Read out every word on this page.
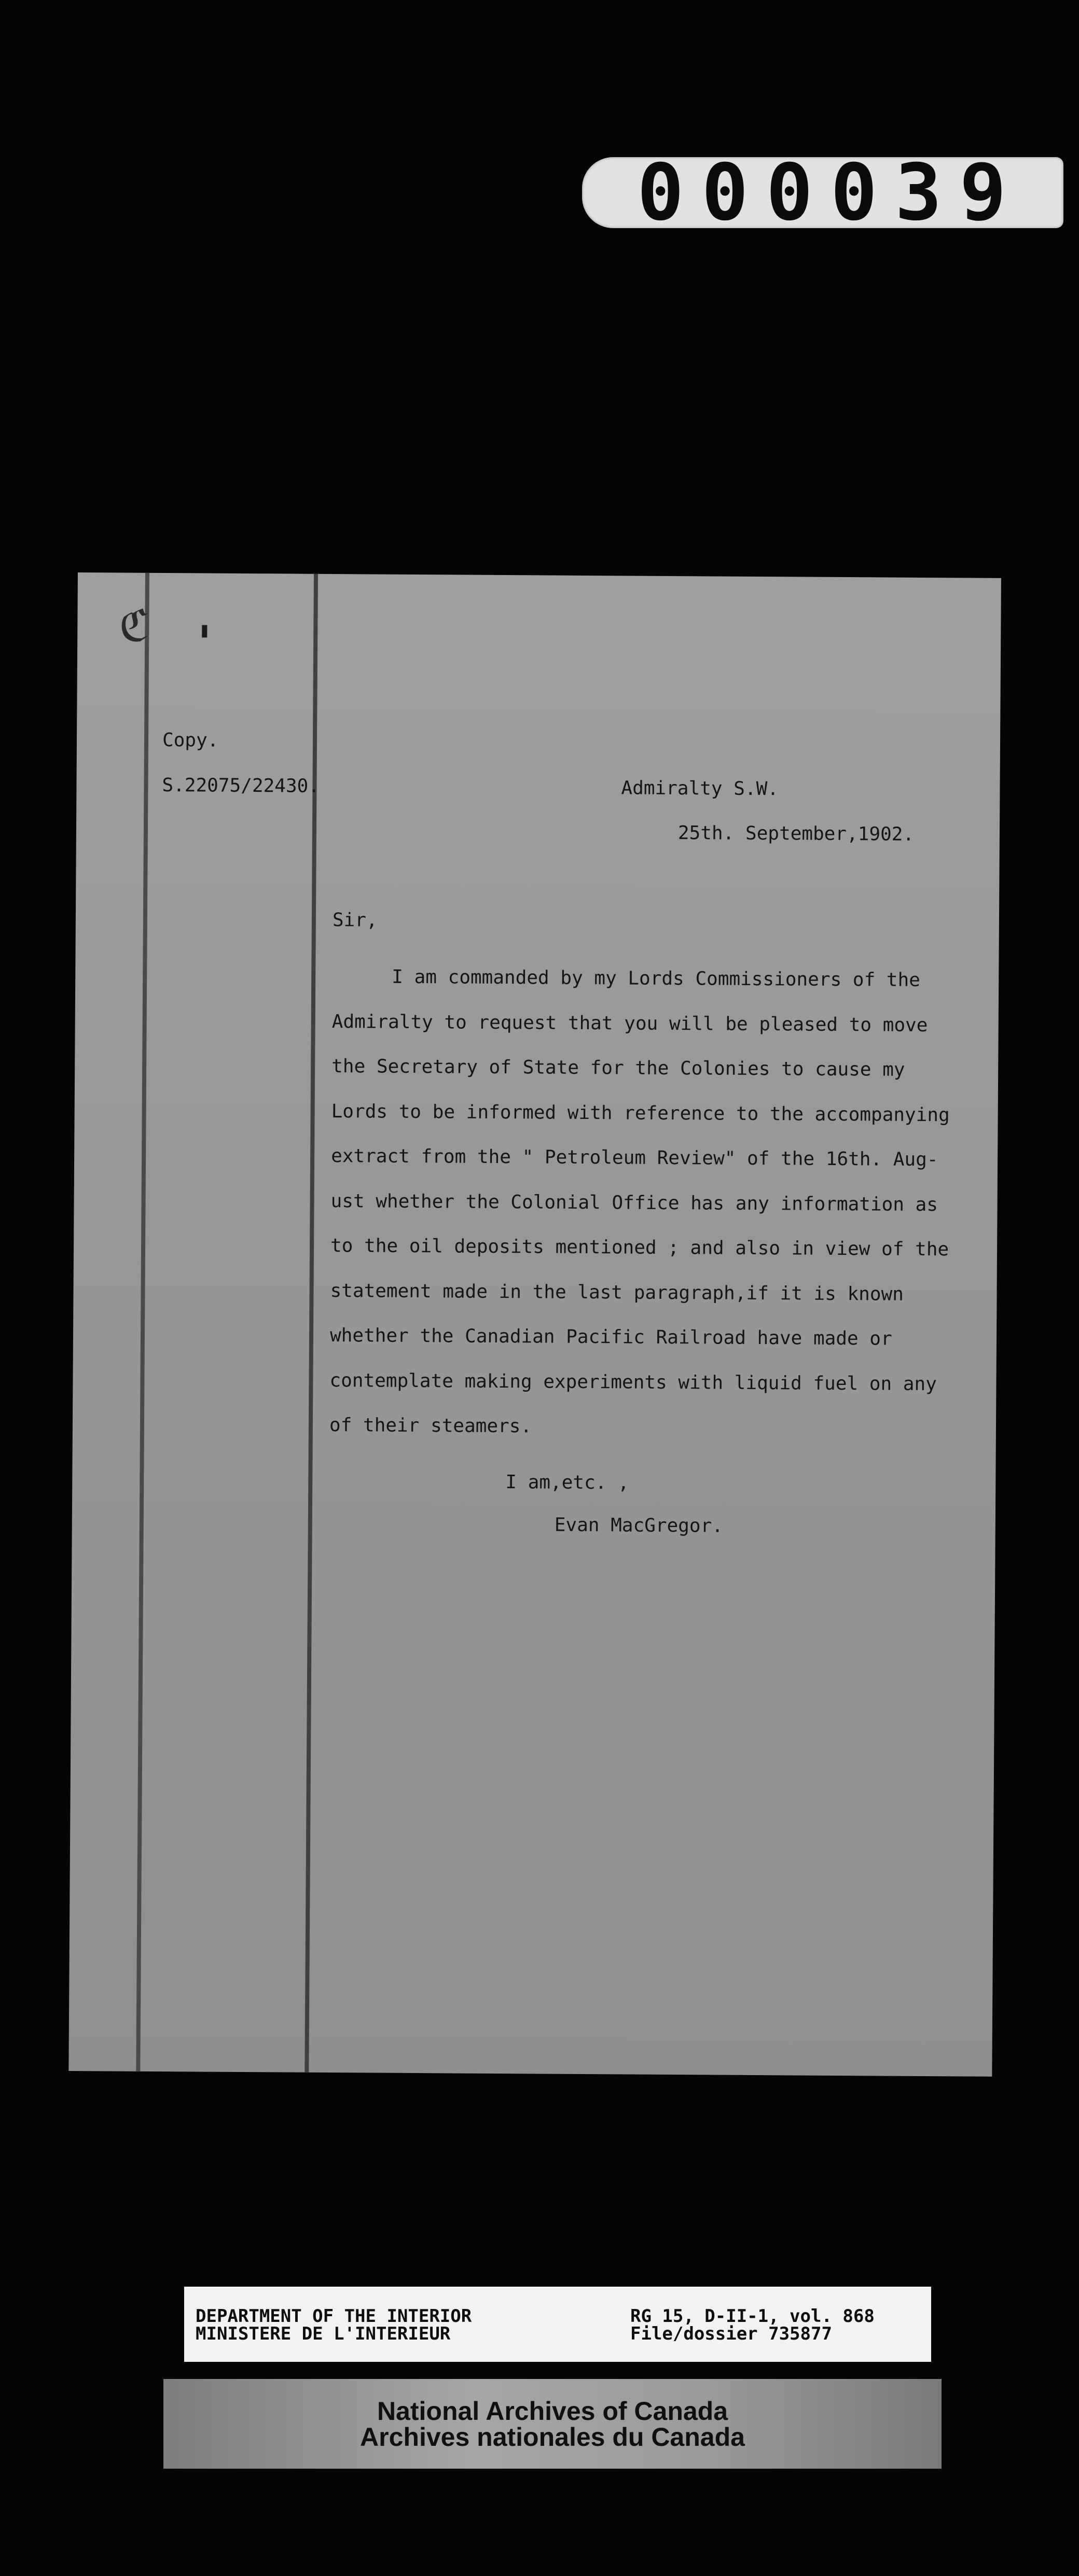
000039
ℭ
Copy.
S.22075/22430.	Admiralty S.W.
25th. September,1902.
Sir,
I am commanded by my Lords Commissioners of the
Admiralty to request that you will be pleased to move
the Secretary of State for the Colonies to cause my
Lords to be informed with reference to the accompanying
extract from the " Petroleum Review" of the 16th. Aug-
ust whether the Colonial Office has any information as
to the oil deposits mentioned ; and also in view of the
statement made in the last paragraph,if it is known
whether the Canadian Pacific Railroad have made or
contemplate making experiments with liquid fuel on any
of their steamers.
I am,etc. ,
Evan MacGregor.
DEPARTMENT OF THE INTERIOR
MINISTERE DE L'INTERIEUR
RG 15, D-II-1, vol. 868
File/dossier 735877
National Archives of Canada
Archives nationales du Canada
